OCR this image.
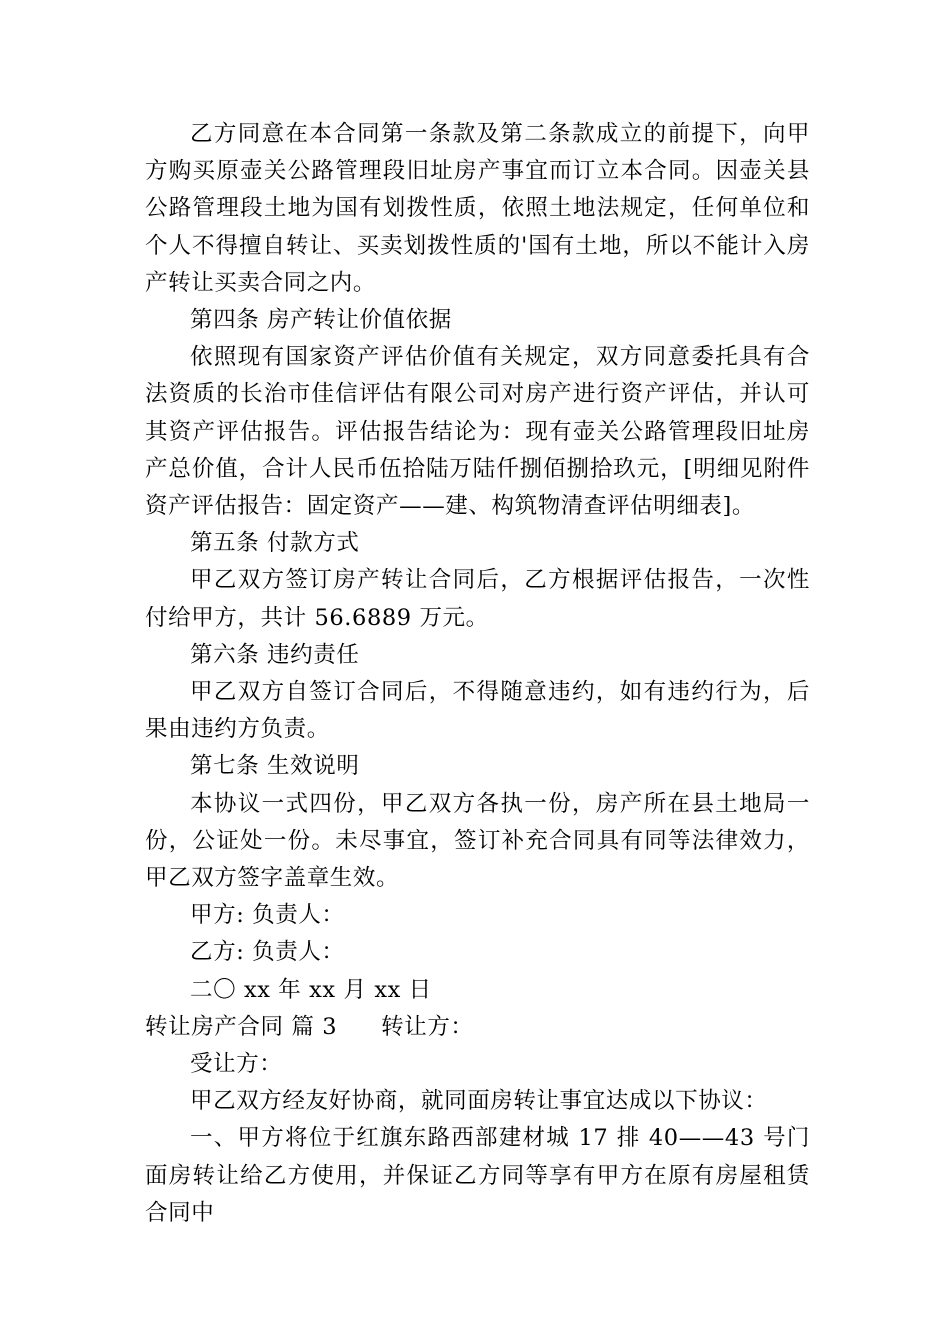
乙方同意在本合同第一条款及第二条款成立的前提下，向甲方购买原壶关公路管理段旧址房产事宜而订立本合同。因壶关县公路管理段土地为国有划拨性质，依照土地法规定，任何单位和个人不得擅自转让、买卖划拨性质的'国有土地，所以不能计入房产转让买卖合同之内。

第四条 房产转让价值依据

依照现有国家资产评估价值有关规定，双方同意委托具有合法资质的长治市佳信评估有限公司对房产进行资产评估，并认可其资产评估报告。评估报告结论为：现有壶关公路管理段旧址房产总价值，合计人民币伍拾陆万陆仟捌佰捌拾玖元，[明细见附件资产评估报告：固定资产——建、构筑物清查评估明细表]。

第五条 付款方式

甲乙双方签订房产转让合同后，乙方根据评估报告，一次性付给甲方，共计 56.6889 万元。

第六条 违约责任

甲乙双方自签订合同后，不得随意违约，如有违约行为，后果由违约方负责。

第七条 生效说明

本协议一式四份，甲乙双方各执一份，房产所在县土地局一份，公证处一份。未尽事宜，签订补充合同具有同等法律效力，甲乙双方签字盖章生效。

甲方: 负责人：

乙方: 负责人：

二〇 xx 年 xx 月 xx 日

转让房产合同 篇 3 转让方：

受让方：

甲乙双方经友好协商，就同面房转让事宜达成以下协议：

一、甲方将位于红旗东路西部建材城 17 排 40——43 号门面房转让给乙方使用，并保证乙方同等享有甲方在原有房屋租赁合同中
